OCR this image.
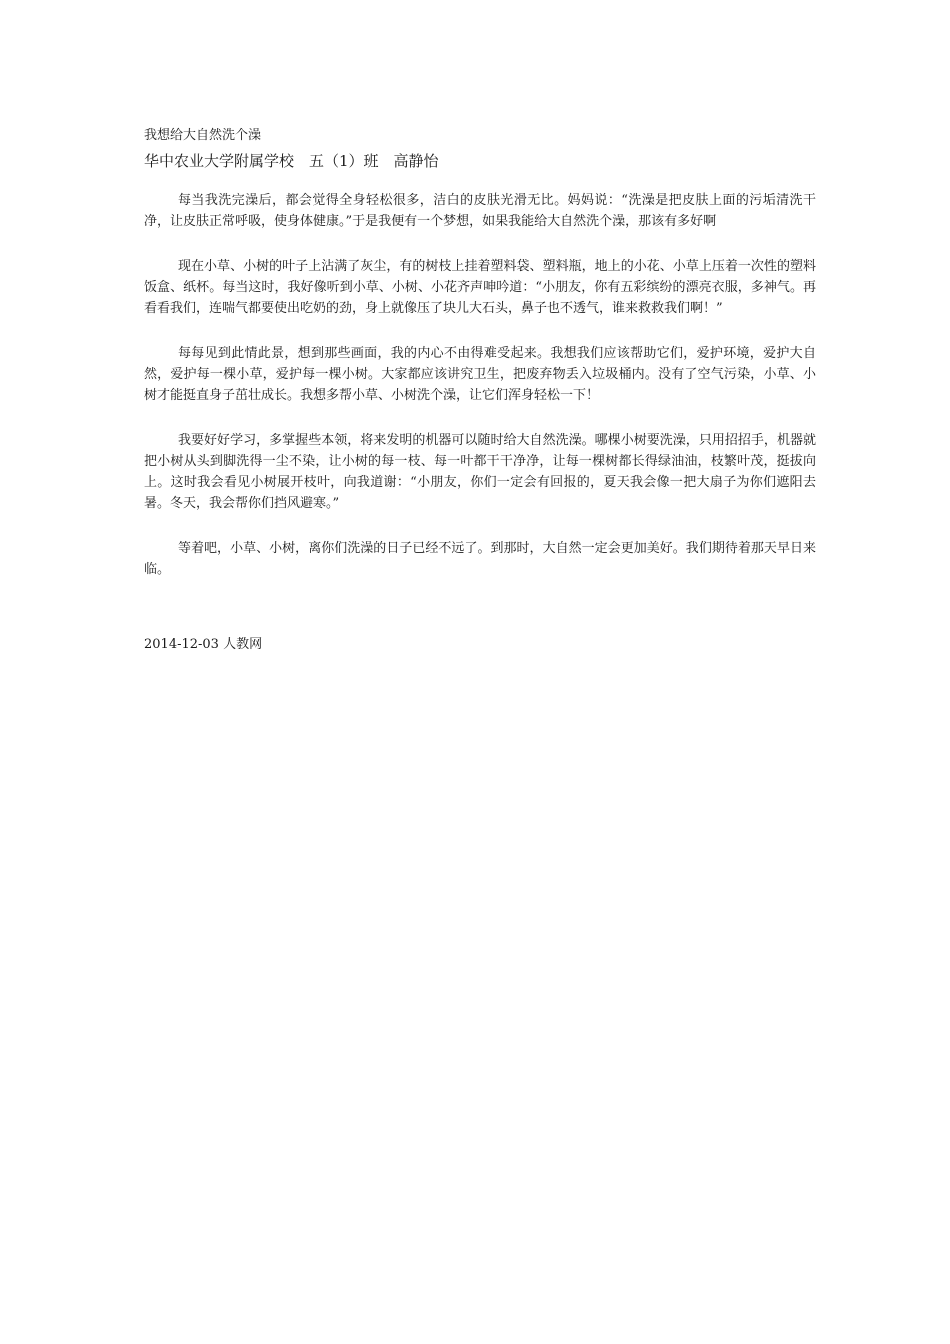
我想给大自然洗个澡
华中农业大学附属学校　五（1）班　高静怡

每当我洗完澡后，都会觉得全身轻松很多，洁白的皮肤光滑无比。妈妈说：“洗澡是把皮肤上面的污垢清洗干净，让皮肤正常呼吸，使身体健康。”于是我便有一个梦想，如果我能给大自然洗个澡，那该有多好啊

现在小草、小树的叶子上沾满了灰尘，有的树枝上挂着塑料袋、塑料瓶，地上的小花、小草上压着一次性的塑料饭盒、纸杯。每当这时，我好像听到小草、小树、小花齐声呻吟道：“小朋友，你有五彩缤纷的漂亮衣服，多神气。再看看我们，连喘气都要使出吃奶的劲，身上就像压了块儿大石头，鼻子也不透气，谁来救救我们啊！”

每每见到此情此景，想到那些画面，我的内心不由得难受起来。我想我们应该帮助它们，爱护环境，爱护大自然，爱护每一棵小草，爱护每一棵小树。大家都应该讲究卫生，把废弃物丢入垃圾桶内。没有了空气污染，小草、小树才能挺直身子茁壮成长。我想多帮小草、小树洗个澡，让它们浑身轻松一下！

我要好好学习，多掌握些本领，将来发明的机器可以随时给大自然洗澡。哪棵小树要洗澡，只用招招手，机器就把小树从头到脚洗得一尘不染，让小树的每一枝、每一叶都干干净净，让每一棵树都长得绿油油，枝繁叶茂，挺拔向上。这时我会看见小树展开枝叶，向我道谢：“小朋友，你们一定会有回报的，夏天我会像一把大扇子为你们遮阳去暑。冬天，我会帮你们挡风避寒。”

等着吧，小草、小树，离你们洗澡的日子已经不远了。到那时，大自然一定会更加美好。我们期待着那天早日来临。

2014-12-03 人教网
